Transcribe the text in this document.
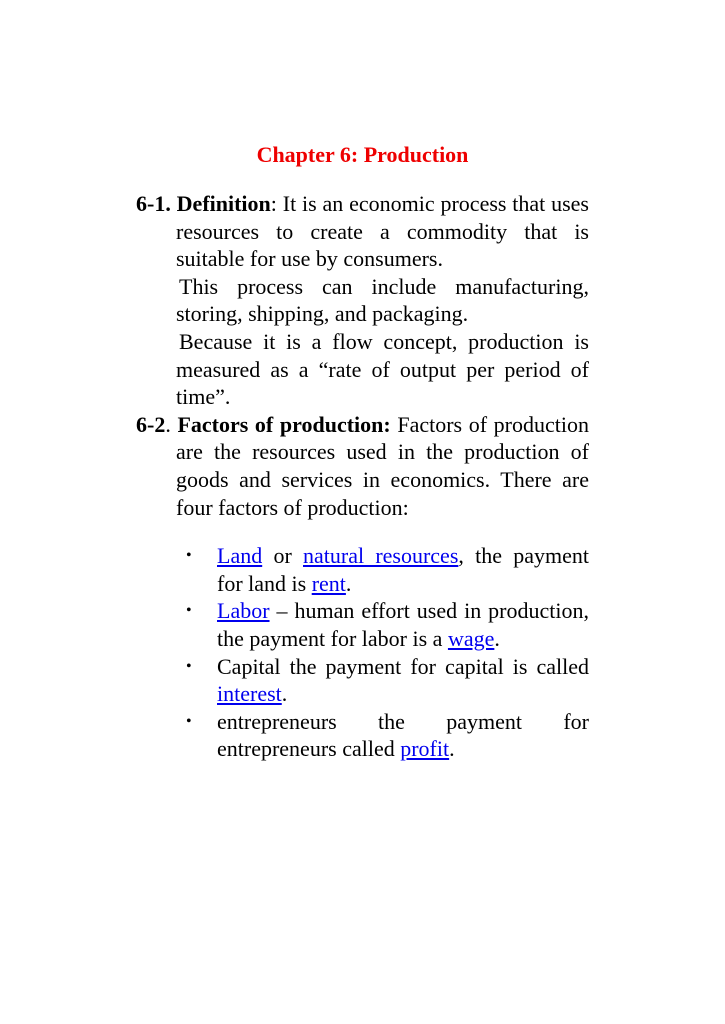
Chapter 6: Production

6-1. Definition: It is an economic process that uses resources to create a commodity that is suitable for use by consumers.

This process can include manufacturing, storing, shipping, and packaging.

Because it is a flow concept, production is measured as a “rate of output per period of time”.

6-2. Factors of production: Factors of production are the resources used in the production of goods and services in economics. There are four factors of production:

• Land or natural resources, the payment for land is rent.
• Labor – human effort used in production, the payment for labor is a wage.
• Capital the payment for capital is called interest.
• entrepreneurs the payment for entrepreneurs called profit.
